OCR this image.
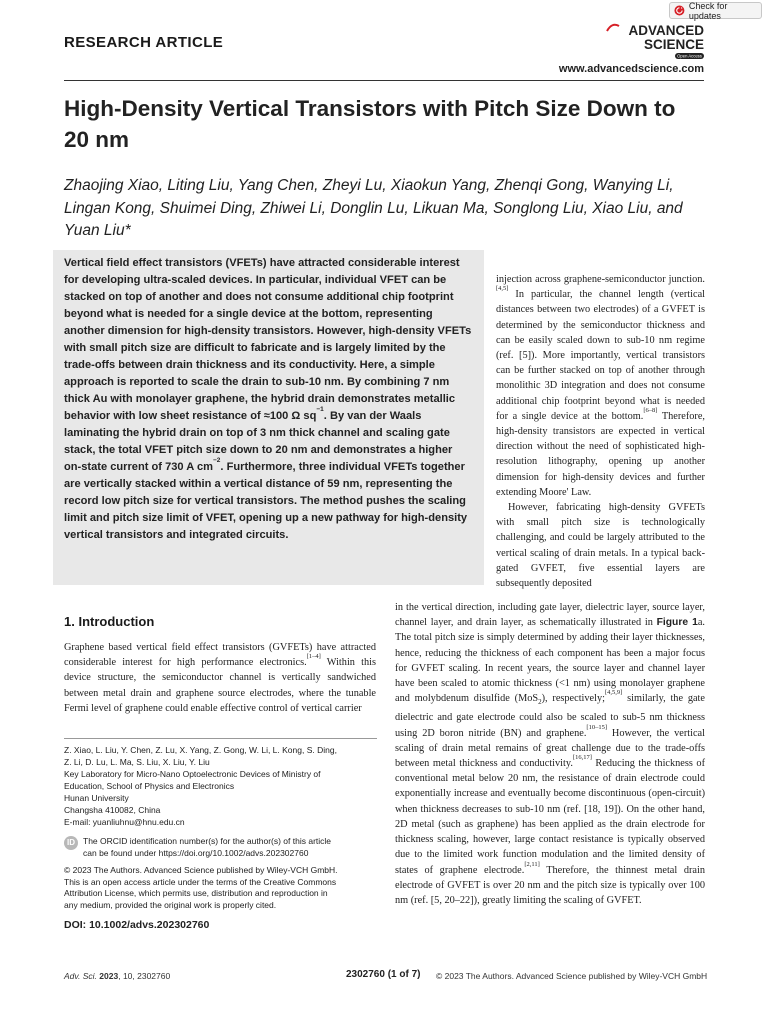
Check for updates
RESEARCH ARTICLE
ADVANCED
SCIENCE
Open Access
www.advancedscience.com
High-Density Vertical Transistors with Pitch Size Down to 20 nm
Zhaojing Xiao, Liting Liu, Yang Chen, Zheyi Lu, Xiaokun Yang, Zhenqi Gong, Wanying Li, Lingan Kong, Shuimei Ding, Zhiwei Li, Donglin Lu, Likuan Ma, Songlong Liu, Xiao Liu, and Yuan Liu*
Vertical field effect transistors (VFETs) have attracted considerable interest for developing ultra-scaled devices. In particular, individual VFET can be stacked on top of another and does not consume additional chip footprint beyond what is needed for a single device at the bottom, representing another dimension for high-density transistors. However, high-density VFETs with small pitch size are difficult to fabricate and is largely limited by the trade-offs between drain thickness and its conductivity. Here, a simple approach is reported to scale the drain to sub-10 nm. By combining 7 nm thick Au with monolayer graphene, the hybrid drain demonstrates metallic behavior with low sheet resistance of ≈100 Ω $sq^{-1}$. By van der Waals laminating the hybrid drain on top of 3 nm thick channel and scaling gate stack, the total VFET pitch size down to 20 nm and demonstrates a higher on-state current of 730 A $cm^{-2}$. Furthermore, three individual VFETs together are vertically stacked within a vertical distance of 59 nm, representing the record low pitch size for vertical transistors. The method pushes the scaling limit and pitch size limit of VFET, opening up a new pathway for high-density vertical transistors and integrated circuits.

injection across graphene-semiconductor junction.[4,5] In particular, the channel length (vertical distances between two electrodes) of a GVFET is determined by the semiconductor thickness and can be easily scaled down to sub-10 nm regime (ref. [5]). More importantly, vertical transistors can be further stacked on top of another through monolithic 3D integration and does not consume additional chip footprint beyond what is needed for a single device at the bottom.[6–8] Therefore, high-density transistors are expected in vertical direction without the need of sophisticated high-resolution lithography, opening up another dimension for high-density devices and further extending Moore' Law.

However, fabricating high-density GVFETs with small pitch size is technologically challenging, and could be largely attributed to the vertical scaling of drain metals. In a typical back-gated GVFET, five essential layers are subsequently deposited

in the vertical direction, including gate layer, dielectric layer, source layer, channel layer, and drain layer, as schematically illustrated in Figure 1a. The total pitch size is simply determined by adding their layer thicknesses, hence, reducing the thickness of each component has been a major focus for GVFET scaling. In recent years, the source layer and channel layer have been scaled to atomic thickness (<1 nm) using monolayer graphene and molybdenum disulfide (MoS$_2$), respectively;[4,5,9] similarly, the gate dielectric and gate electrode could also be scaled to sub-5 nm thickness using 2D boron nitride (BN) and graphene.[10–15] However, the vertical scaling of drain metal remains of great challenge due to the trade-offs between metal thickness and conductivity.[16,17] Reducing the thickness of conventional metal below 20 nm, the resistance of drain electrode could exponentially increase and eventually become discontinuous (open-circuit) when thickness decreases to sub-10 nm (ref. [18, 19]). On the other hand, 2D metal (such as graphene) has been applied as the drain electrode for thickness scaling, however, large contact resistance is typically observed due to the limited work function modulation and the limited density of states of graphene electrode.[2,11] Therefore, the thinnest metal drain electrode of GVFET is over 20 nm and the pitch size is typically over 100 nm (ref. [5, 20–22]), greatly limiting the scaling of GVFET.

1. Introduction
Graphene based vertical field effect transistors (GVFETs) have attracted considerable interest for high performance electronics.[1–4] Within this device structure, the semiconductor channel is vertically sandwiched between metal drain and graphene source electrodes, where the tunable Fermi level of graphene could enable effective control of vertical carrier
Z. Xiao, L. Liu, Y. Chen, Z. Lu, X. Yang, Z. Gong, W. Li, L. Kong, S. Ding,
Z. Li, D. Lu, L. Ma, S. Liu, X. Liu, Y. Liu
Key Laboratory for Micro-Nano Optoelectronic Devices of Ministry of
Education, School of Physics and Electronics
Hunan University
Changsha 410082, China
E-mail: yuanliuhnu@hnu.edu.cn
ID The ORCID identification number(s) for the author(s) of this article
can be found under https://doi.org/10.1002/advs.202302760
© 2023 The Authors. Advanced Science published by Wiley-VCH GmbH.
This is an open access article under the terms of the Creative Commons
Attribution License, which permits use, distribution and reproduction in
any medium, provided the original work is properly cited.
DOI: 10.1002/advs.202302760
Adv. Sci. 2023, 10, 2302760	2302760 (1 of 7) © 2023 The Authors. Advanced Science published by Wiley-VCH GmbH
